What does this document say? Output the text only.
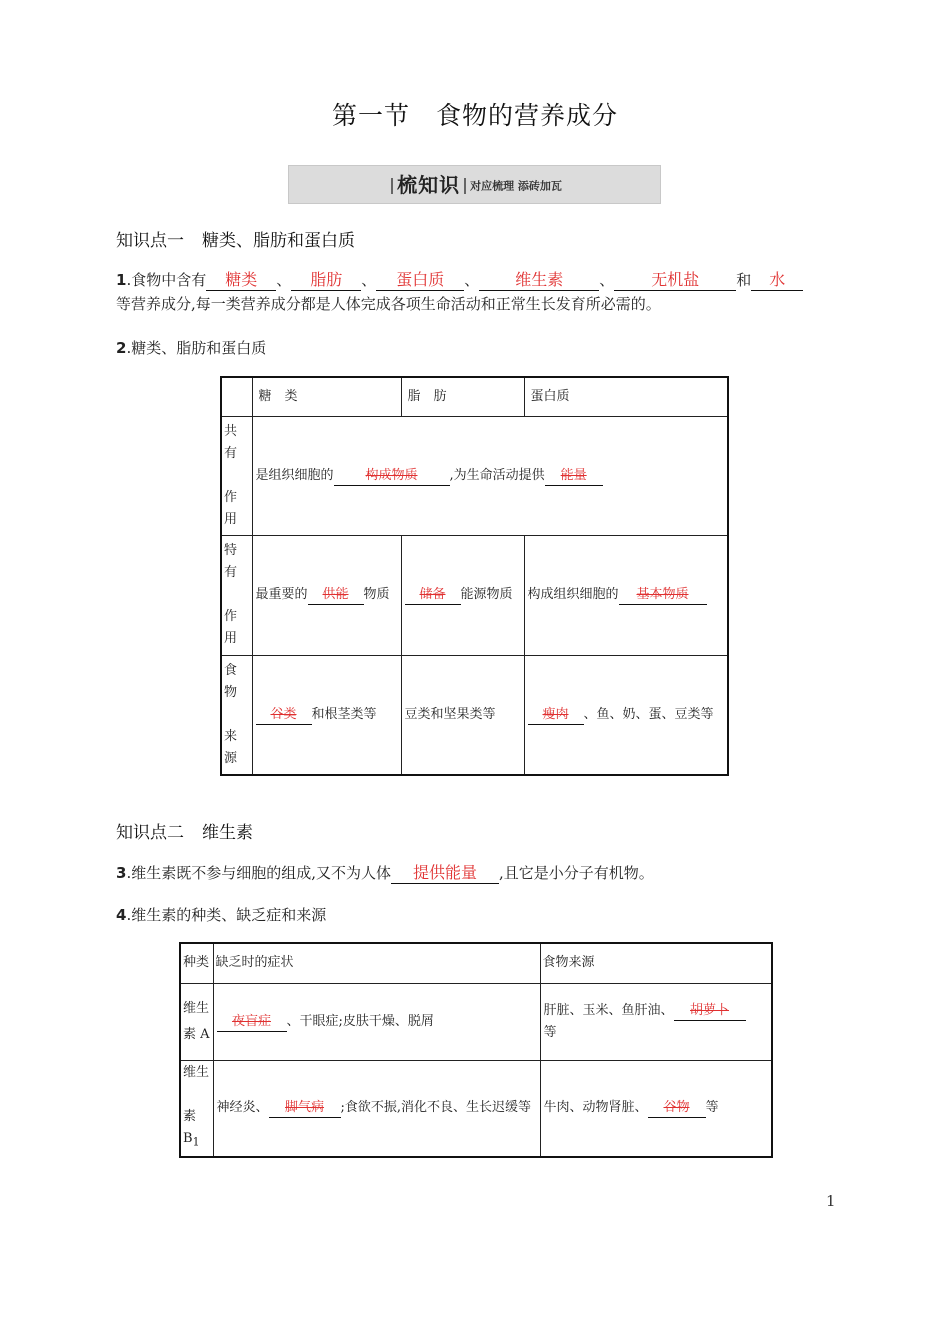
第一节 食物的营养成分
梳知识 对应梳理 添砖加瓦
知识点一 糖类、脂肪和蛋白质
1.食物中含有 糖类 、 脂肪 、 蛋白质 、 维生素 、 无机盐 和 水
等营养成分,每一类营养成分都是人体完成各项生命活动和正常生长发育所必需的。
2.糖类、脂肪和蛋白质
	糖　类	脂　肪	蛋白质
共
有

作
用	是组织细胞的 构成物质 ,为生命活动提供 能量		
特
有

作
用	最重要的 供能 物质	储备 能源物质	构成组织细胞的 基本物质
食
物

来
源	谷类 和根茎类等	豆类和坚果类等	瘦肉 、鱼、奶、蛋、豆类等
知识点二 维生素
3.维生素既不参与细胞的组成,又不为人体 提供能量 ,且它是小分子有机物。
4.维生素的种类、缺乏症和来源
种类	缺乏时的症状	食物来源
维生
素 A	夜盲症 、干眼症;皮肤干燥、脱屑	肝脏、玉米、鱼肝油、 胡萝卜
等
维生

素
$B_1$	神经炎、 脚气病 ;食欲不振,消化不良、生长迟缓等	牛肉、动物肾脏、 谷物 等
1
